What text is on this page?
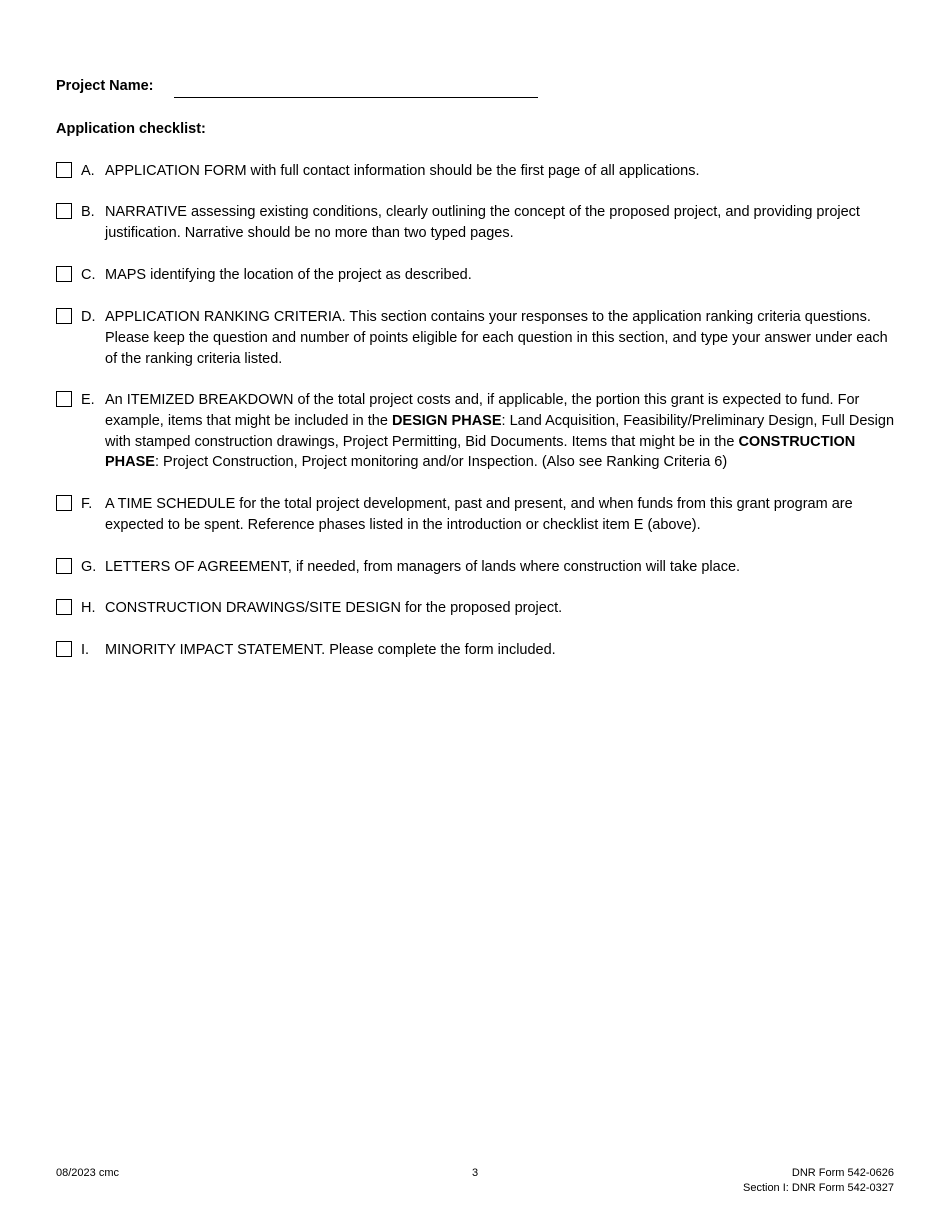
Project Name:
Application checklist:
A. APPLICATION FORM with full contact information should be the first page of all applications.
B. NARRATIVE assessing existing conditions, clearly outlining the concept of the proposed project, and providing project justification. Narrative should be no more than two typed pages.
C. MAPS identifying the location of the project as described.
D. APPLICATION RANKING CRITERIA. This section contains your responses to the application ranking criteria questions. Please keep the question and number of points eligible for each question in this section, and type your answer under each of the ranking criteria listed.
E. An ITEMIZED BREAKDOWN of the total project costs and, if applicable, the portion this grant is expected to fund. For example, items that might be included in the DESIGN PHASE: Land Acquisition, Feasibility/Preliminary Design, Full Design with stamped construction drawings, Project Permitting, Bid Documents. Items that might be in the CONSTRUCTION PHASE: Project Construction, Project monitoring and/or Inspection. (Also see Ranking Criteria 6)
F. A TIME SCHEDULE for the total project development, past and present, and when funds from this grant program are expected to be spent. Reference phases listed in the introduction or checklist item E (above).
G. LETTERS OF AGREEMENT, if needed, from managers of lands where construction will take place.
H. CONSTRUCTION DRAWINGS/SITE DESIGN for the proposed project.
I. MINORITY IMPACT STATEMENT. Please complete the form included.
08/2023 cmc	3	DNR Form 542-0626
Section I: DNR Form 542-0327
